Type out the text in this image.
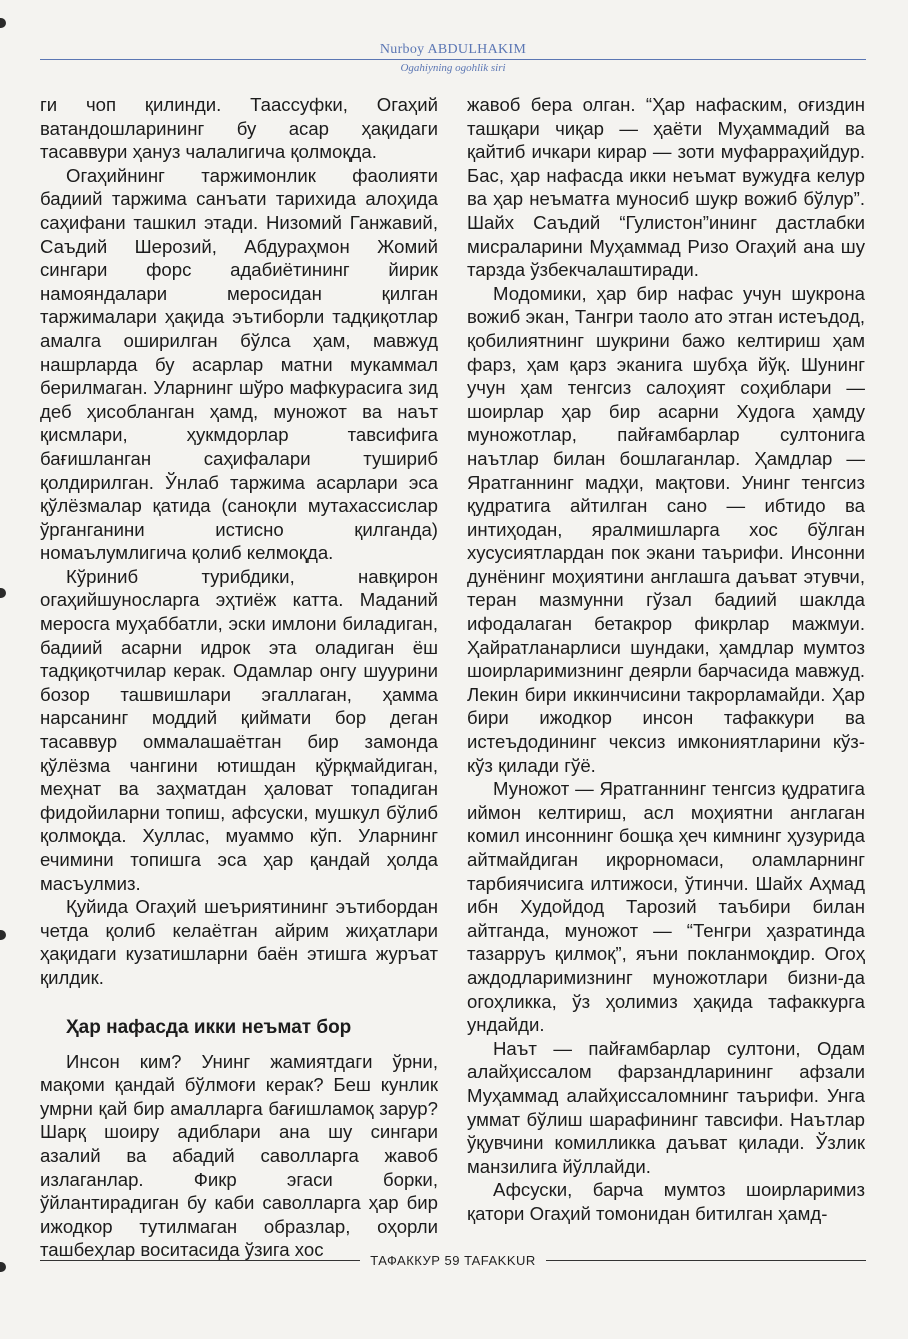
Nurboy ABDULHAKIM
Ogahiyning ogohlik siri

ги чоп қилинди. Таассуфки, Огаҳий ватандошларининг бу асар ҳақидаги тасаввури ҳануз чалалигича қолмоқда.

Огаҳийнинг таржимонлик фаолияти бадиий таржима санъати тарихида алоҳида саҳифани ташкил этади. Низомий Ганжавий, Саъдий Шерозий, Абдураҳмон Жомий сингари форс адабиётининг йирик намояндалари меросидан қилган таржималари ҳақида эътиборли тадқиқотлар амалга оширилган бўлса ҳам, мавжуд нашрларда бу асарлар матни мукаммал берилмаган. Уларнинг шўро мафкурасига зид деб ҳисобланган ҳамд, муножот ва наът қисмлари, ҳукмдорлар тавсифига бағишланган саҳифалари тушириб қолдирилган. Ўнлаб таржима асарлари эса қўлёзмалар қатида (саноқли мутахассислар ўрганганини истисно қилганда) номаълумлигича қолиб келмоқда.

Кўриниб турибдики, навқирон огаҳийшуносларга эҳтиёж катта. Маданий меросга муҳаббатли, эски имлони биладиган, бадиий асарни идрок эта оладиган ёш тадқиқотчилар керак. Одамлар онгу шуурини бозор ташвишлари эгаллаган, ҳамма нарсанинг моддий қиймати бор деган тасаввур оммалашаётган бир замонда қўлёзма чангини ютишдан қўрқмайдиган, меҳнат ва заҳматдан ҳаловат топадиган фидойиларни топиш, афсуски, мушкул бўлиб қолмоқда. Хуллас, муаммо кўп. Уларнинг ечимини топишга эса ҳар қандай ҳолда масъулмиз.

Қуйида Огаҳий шеъриятининг эътибордан четда қолиб келаётган айрим жиҳатлари ҳақидаги кузатишларни баён этишга журъат қилдик.

Ҳар нафасда икки неъмат бор

Инсон ким? Унинг жамиятдаги ўрни, мақоми қандай бўлмоғи керак? Беш кунлик умрни қай бир амалларга бағишламоқ зарур? Шарқ шоиру адиблари ана шу сингари азалий ва абадий саволларга жавоб излаганлар. Фикр эгаси борки, ўйлантирадиган бу каби саволларга ҳар бир ижодкор тутилмаган образлар, оҳорли ташбеҳлар воситасида ўзига хос

жавоб бера олган. “Ҳар нафаским, оғиздин ташқари чиқар — ҳаёти Муҳаммадий ва қайтиб ичкари кирар — зоти муфарраҳийдур. Бас, ҳар нафасда икки неъмат вужудға келур ва ҳар неъматға муносиб шукр вожиб бўлур”. Шайх Саъдий “Гулистон”ининг дастлабки мисраларини Муҳаммад Ризо Огаҳий ана шу тарзда ўзбекчалаштиради.

Модомики, ҳар бир нафас учун шукрона вожиб экан, Тангри таоло ато этган истеъдод, қобилиятнинг шукрини бажо келтириш ҳам фарз, ҳам қарз эканига шубҳа йўқ. Шунинг учун ҳам тенгсиз салоҳият соҳиблари — шоирлар ҳар бир асарни Худога ҳамду муножотлар, пайғамбарлар султонига наътлар билан бошлаганлар. Ҳамдлар — Яратганнинг мадҳи, мақтови. Унинг тенгсиз қудратига айтилган сано — ибтидо ва интиҳодан, яралмишларга хос бўлган хусусиятлардан пок экани таърифи. Инсонни дунёнинг моҳиятини англашга даъват этувчи, теран мазмунни гўзал бадиий шаклда ифодалаган бетакрор фикрлар мажмуи. Ҳайратланарлиси шундаки, ҳамдлар мумтоз шоирларимизнинг деярли барчасида мавжуд. Лекин бири иккинчисини такрорламайди. Ҳар бири ижодкор инсон тафаккури ва истеъдодининг чексиз имкониятларини кўз-кўз қилади гўё.

Муножот — Яратганнинг тенгсиз қудратига иймон келтириш, асл моҳиятни англаган комил инсоннинг бошқа ҳеч кимнинг ҳузурида айтмайдиган иқрорномаси, оламларнинг тарбиячисига илтижоси, ўтинчи. Шайх Аҳмад ибн Худойдод Тарозий таъбири билан айтганда, муножот — “Тенгри ҳазратинда тазарруъ қилмоқ”, яъни покланмоқдир. Огоҳ аждодларимизнинг муножотлари бизни-да огоҳликка, ўз ҳолимиз ҳақида тафаккурга ундайди.

Наът — пайғамбарлар султони, Одам алайҳиссалом фарзандларининг афзали Муҳаммад алайҳиссаломнинг таърифи. Унга уммат бўлиш шарафининг тавсифи. Наътлар ўқувчини комилликка даъват қилади. Ўзлик манзилига йўллайди.

Афсуски, барча мумтоз шоирларимиз қатори Огаҳий томонидан битилган ҳамд-

ТАФАККУР 59 TAFAKKUR
